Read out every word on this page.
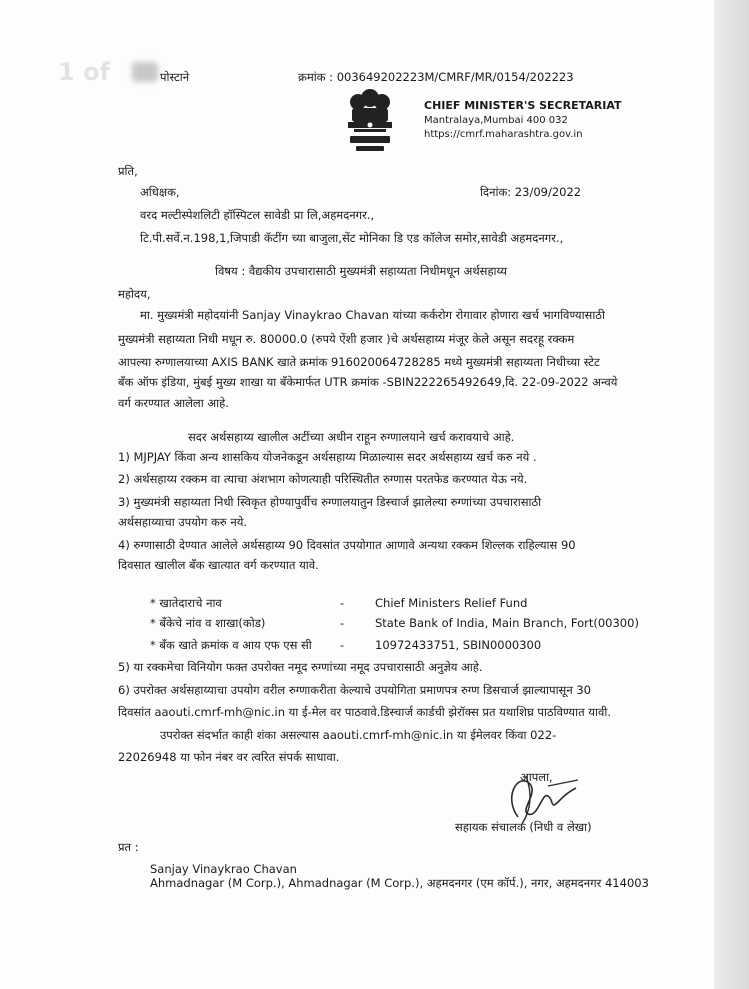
1 of	पोस्टाने	क्रमांक : 003649202223M/CMRF/MR/0154/202223
CHIEF MINISTER'S SECRETARIAT
Mantralaya,Mumbai 400 032
https://cmrf.maharashtra.gov.in
प्रति,
अधिक्षक,	दिनांक: 23/09/2022
वरद मल्टीस्पेशलिटी हॉस्पिटल सावेडी प्रा लि,अहमदनगर.,
टि.पी.सर्वे.न.198,1,जिपाडी कॅटींग च्या बाजुला,सेंट मोनिका डि एड कॉलेज समोर,सावेडी अहमदनगर.,
विषय : वैद्यकीय उपचारासाठी मुख्यमंत्री सहाय्यता निधीमधून अर्थसहाय्य
महोदय,
मा. मुख्यमंत्री महोदयांनी Sanjay Vinaykrao Chavan यांच्या कर्करोग रोगावार होणारा खर्च भागविण्यासाठी
मुख्यमंत्री सहाय्यता निधी मधून रु. 80000.0 (रुपये ऐंशी हजार )चे अर्थसहाय्य मंजूर केले असून सदरहू रक्कम
आपल्या रुग्णालयाच्या AXIS BANK खाते क्रमांक 916020064728285 मध्ये मुख्यमंत्री सहाय्यता निधीच्या स्टेट
बँक ऑफ इंडिया, मुंबई मुख्य शाखा या बँकेमार्फत UTR क्रमांक -SBIN222265492649,दि. 22-09-2022 अन्वये
वर्ग करण्यात आलेला आहे.
सदर अर्थसहाय्य खालील अटींच्या अधीन राहून रुग्णालयाने खर्च करावयाचे आहे.
1) MJPJAY किंवा अन्य शासकिय योजनेकडून अर्थसहाय्य मिळाल्यास सदर अर्थसहाय्य खर्च करु नये .
2) अर्थसहाय्य रक्कम वा त्याचा अंशभाग कोणत्याही परिस्थितीत रुग्णास परतफेड करण्यात येऊ नये.
3) मुख्यमंत्री सहाय्यता निधी स्विकृत होण्यापुर्वीच रुग्णालयातुन डिस्चार्ज झालेल्या रुग्णांच्या उपचारासाठी
अर्थसहाय्याचा उपयोग करु नये.
4) रुग्णासाठी देण्यात आलेले अर्थसहाय्य 90 दिवसांत उपयोगात आणावे अन्यथा रक्कम शिल्लक राहिल्यास 90
दिवसात खालील बँक खात्यात वर्ग करण्यात यावे.
* खातेदाराचे नाव	-	Chief Ministers Relief Fund
* बँकेचे नांव व शाखा(कोड)	-	State Bank of India, Main Branch, Fort(00300)
* बँक खाते क्रमांक व आय एफ एस सी -	10972433751, SBIN0000300
5) या रक्कमेचा विनियोग फक्त उपरोक्त नमूद रुग्णांच्या नमूद उपचारासाठी अनुज्ञेय आहे.
6) उपरोक्त अर्थसहाय्याचा उपयोग वरील रुग्णाकरीता केल्याचे उपयोगिता प्रमाणपत्र रुग्ण डिसचार्ज झाल्यापासून 30
दिवसांत aaouti.cmrf-mh@nic.in या ई-मेल वर पाठवावे.डिस्चार्ज कार्डची झेरॉक्स प्रत यथाशिघ्र पाठविण्यात यावी.
उपरोक्त संदर्भात काही शंका असल्यास aaouti.cmrf-mh@nic.in या ईमेलवर किंवा 022-
22026948 या फोन नंबर वर त्वरित संपर्क साधावा.
आपला,
सहायक संचालक (निधी व लेखा)
प्रत :
Sanjay Vinaykrao Chavan
Ahmadnagar (M Corp.), Ahmadnagar (M Corp.), अहमदनगर (एम कॉर्प.), नगर, अहमदनगर 414003
